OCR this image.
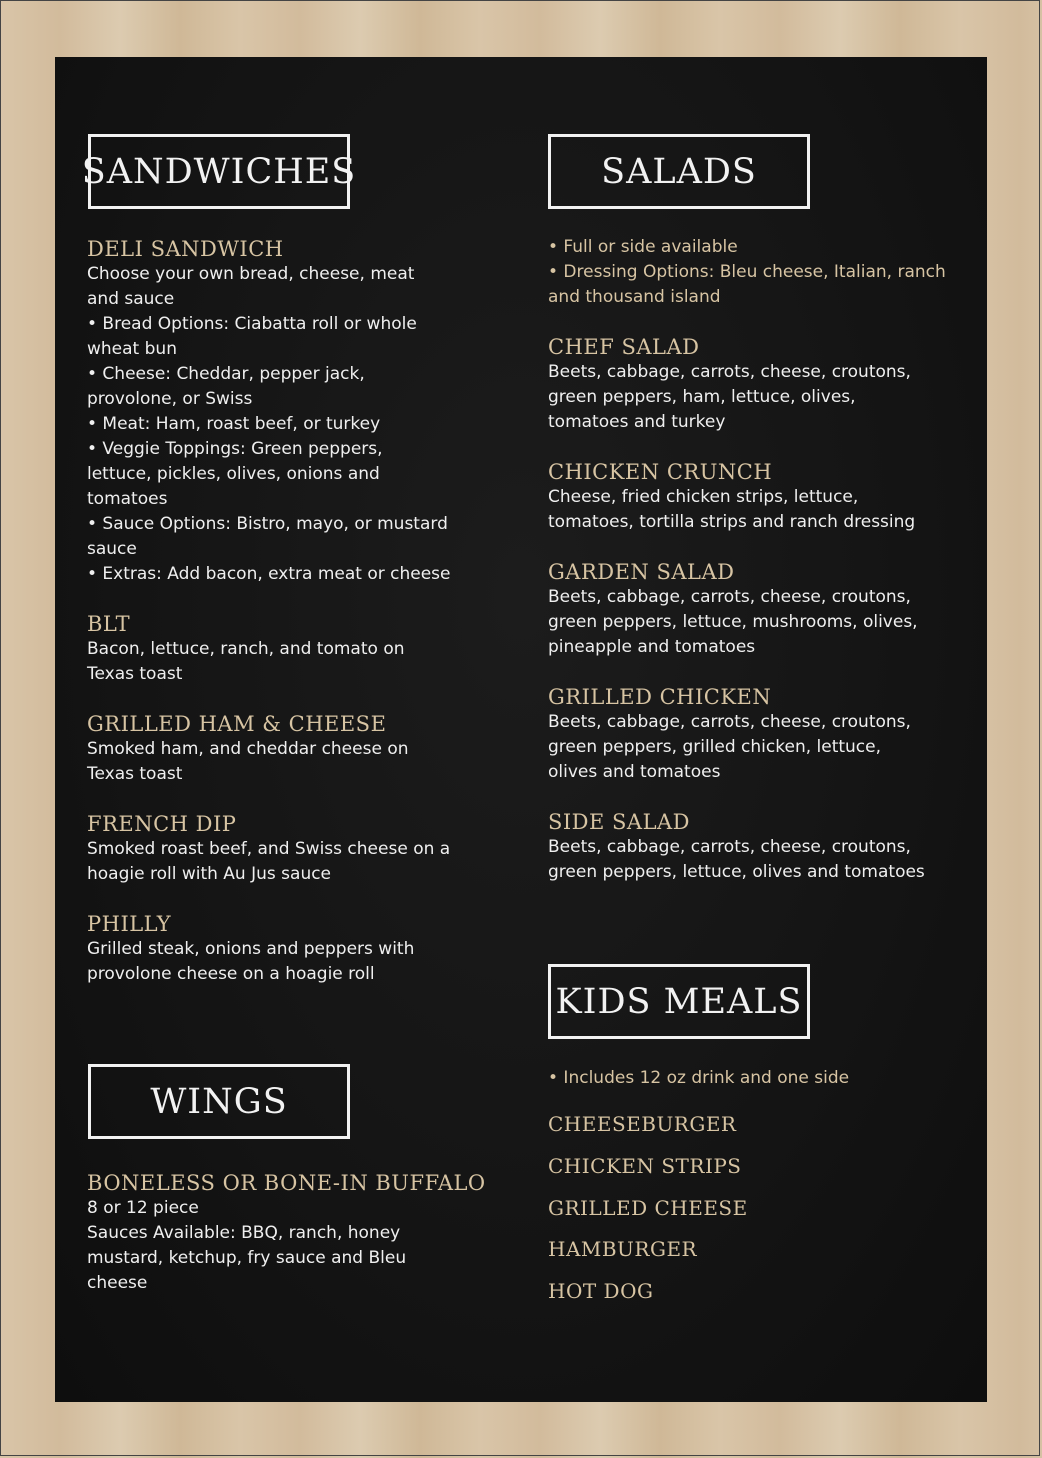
SANDWICHES
DELI SANDWICH
Choose your own bread, cheese, meat
and sauce
• Bread Options: Ciabatta roll or whole
wheat bun
• Cheese: Cheddar, pepper jack,
provolone, or Swiss
• Meat: Ham, roast beef, or turkey
• Veggie Toppings: Green peppers,
lettuce, pickles, olives, onions and
tomatoes
• Sauce Options: Bistro, mayo, or mustard
sauce
• Extras: Add bacon, extra meat or cheese
BLT
Bacon, lettuce, ranch, and tomato on
Texas toast
GRILLED HAM & CHEESE
Smoked ham, and cheddar cheese on
Texas toast
FRENCH DIP
Smoked roast beef, and Swiss cheese on a
hoagie roll with Au Jus sauce
PHILLY
Grilled steak, onions and peppers with
provolone cheese on a hoagie roll
WINGS
BONELESS OR BONE-IN BUFFALO
8 or 12 piece
Sauces Available: BBQ, ranch, honey
mustard, ketchup, fry sauce and Bleu
cheese
SALADS
• Full or side available
• Dressing Options: Bleu cheese, Italian, ranch
and thousand island
CHEF SALAD
Beets, cabbage, carrots, cheese, croutons,
green peppers, ham, lettuce, olives,
tomatoes and turkey
CHICKEN CRUNCH
Cheese, fried chicken strips, lettuce,
tomatoes, tortilla strips and ranch dressing
GARDEN SALAD
Beets, cabbage, carrots, cheese, croutons,
green peppers, lettuce, mushrooms, olives,
pineapple and tomatoes
GRILLED CHICKEN
Beets, cabbage, carrots, cheese, croutons,
green peppers, grilled chicken, lettuce,
olives and tomatoes
SIDE SALAD
Beets, cabbage, carrots, cheese, croutons,
green peppers, lettuce, olives and tomatoes
KIDS MEALS
• Includes 12 oz drink and one side
CHEESEBURGER
CHICKEN STRIPS
GRILLED CHEESE
HAMBURGER
HOT DOG
